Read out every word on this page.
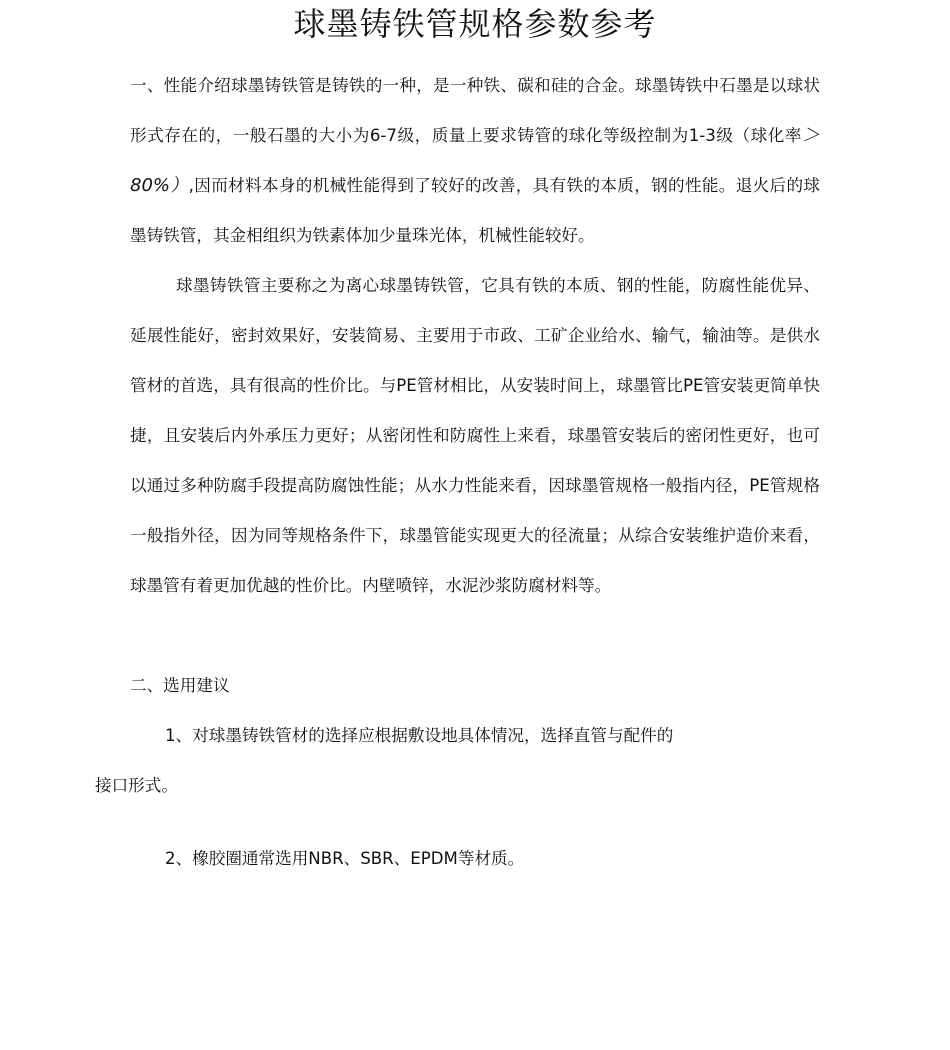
球墨铸铁管规格参数参考

一、性能介绍球墨铸铁管是铸铁的一种，是一种铁、碳和硅的合金。球墨铸铁中石墨是以球状形式存在的，一般石墨的大小为6-7级，质量上要求铸管的球化等级控制为1-3级（球化率＞80%）,因而材料本身的机械性能得到了较好的改善，具有铁的本质，钢的性能。退火后的球墨铸铁管，其金相组织为铁素体加少量珠光体，机械性能较好。

球墨铸铁管主要称之为离心球墨铸铁管，它具有铁的本质、钢的性能，防腐性能优异、延展性能好，密封效果好，安装简易、主要用于市政、工矿企业给水、输气，输油等。是供水管材的首选，具有很高的性价比。与PE管材相比，从安装时间上，球墨管比PE管安装更简单快捷，且安装后内外承压力更好；从密闭性和防腐性上来看，球墨管安装后的密闭性更好，也可以通过多种防腐手段提高防腐蚀性能；从水力性能来看，因球墨管规格一般指内径，PE管规格一般指外径，因为同等规格条件下，球墨管能实现更大的径流量；从综合安装维护造价来看，球墨管有着更加优越的性价比。内壁喷锌，水泥沙浆防腐材料等。

二、选用建议

1、对球墨铸铁管材的选择应根据敷设地具体情况，选择直管与配件的
接口形式。

2、橡胶圈通常选用NBR、SBR、EPDM等材质。
